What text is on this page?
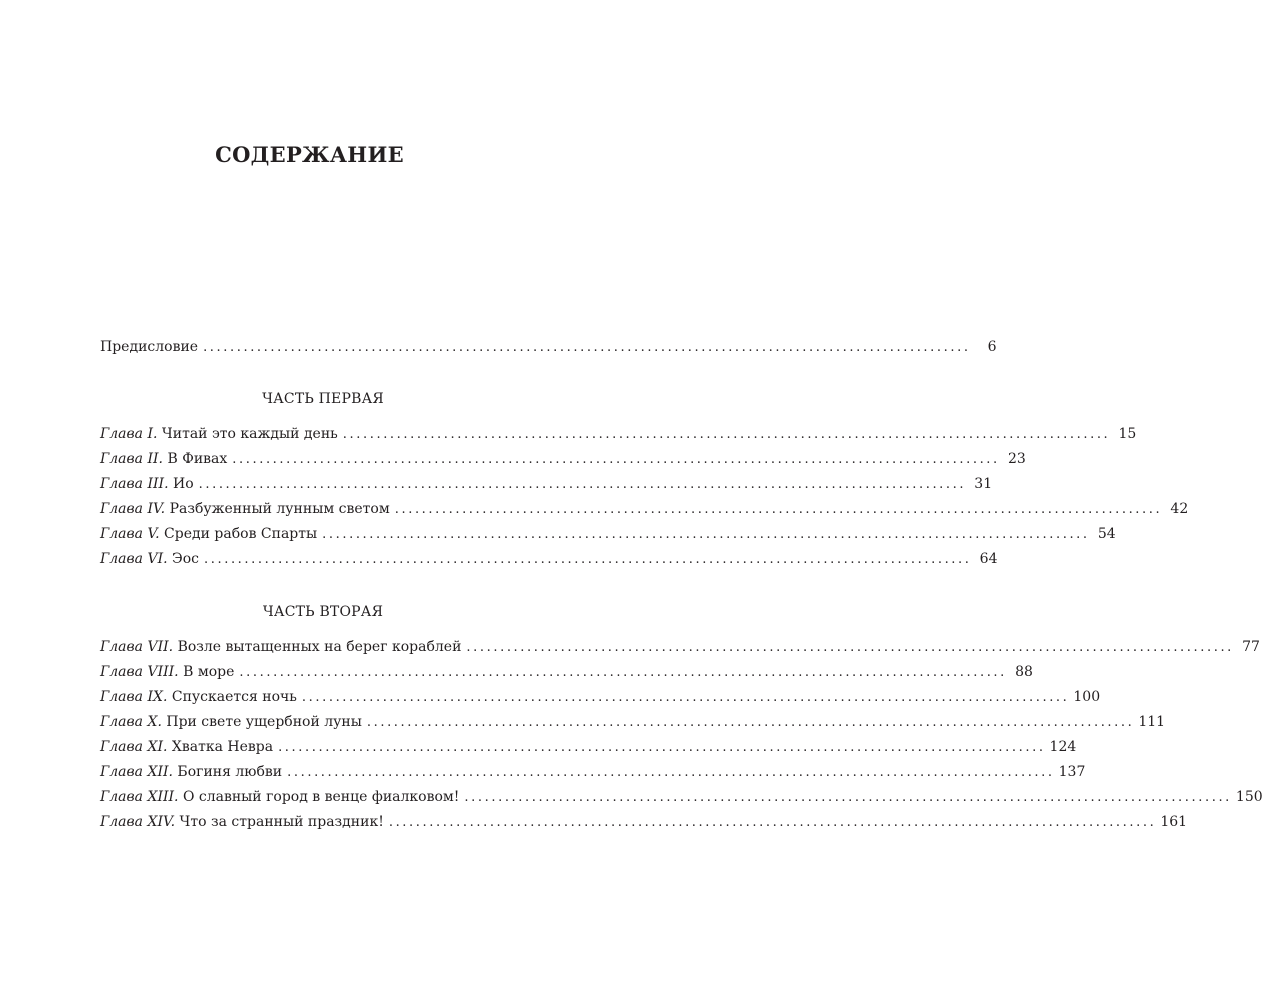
СОДЕРЖАНИЕ
Предисловие ..................................................................................................................	6
ЧАСТЬ ПЕРВАЯ
Глава I. Читай это каждый день .................................................................................................................. 15
Глава II. В Фивах .................................................................................................................. 23
Глава III. Ио .................................................................................................................. 31
Глава IV. Разбуженный лунным светом .................................................................................................................. 42
Глава V. Среди рабов Спарты .................................................................................................................. 54
Глава VI. Эос .................................................................................................................. 64
ЧАСТЬ ВТОРАЯ
Глава VII. Возле вытащенных на берег кораблей .................................................................................................................. 77
Глава VIII. В море .................................................................................................................. 88
Глава IX. Спускается ночь .................................................................................................................. 100
Глава X. При свете ущербной луны .................................................................................................................. 111
Глава XI. Хватка Невра .................................................................................................................. 124
Глава XII. Богиня любви .................................................................................................................. 137
Глава XIII. О славный город в венце фиалковом! .................................................................................................................. 150
Глава XIV. Что за странный праздник! .................................................................................................................. 161
